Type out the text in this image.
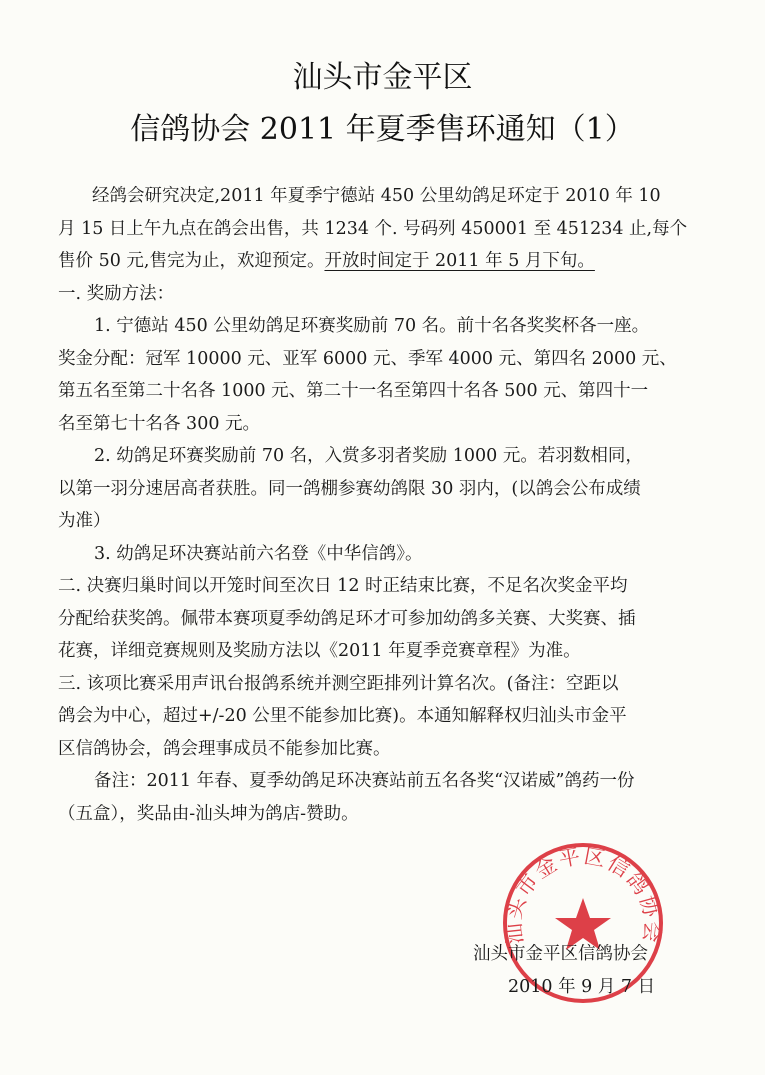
汕头市金平区
信鸽协会 2011 年夏季售环通知（1）
经鸽会研究决定,2011 年夏季宁德站 450 公里幼鸽足环定于 2010 年 10
月 15 日上午九点在鸽会出售，共 1234 个. 号码列 450001 至 451234 止,每个
售价 50 元,售完为止，欢迎预定。开放时间定于 2011 年 5 月下旬。
一. 奖励方法：
1. 宁德站 450 公里幼鸽足环赛奖励前 70 名。前十名各奖奖杯各一座。
奖金分配：冠军 10000 元、亚军 6000 元、季军 4000 元、第四名 2000 元、
第五名至第二十名各 1000 元、第二十一名至第四十名各 500 元、第四十一
名至第七十名各 300 元。
2. 幼鸽足环赛奖励前 70 名，入赏多羽者奖励 1000 元。若羽数相同，
以第一羽分速居高者获胜。同一鸽棚参赛幼鸽限 30 羽内，(以鸽会公布成绩
为准）
3. 幼鸽足环决赛站前六名登《中华信鸽》。
二. 决赛归巢时间以开笼时间至次日 12 时正结束比赛，不足名次奖金平均
分配给获奖鸽。佩带本赛项夏季幼鸽足环才可参加幼鸽多关赛、大奖赛、插
花赛，详细竞赛规则及奖励方法以《2011 年夏季竞赛章程》为准。
三. 该项比赛采用声讯台报鸽系统并测空距排列计算名次。(备注：空距以
鸽会为中心，超过+/-20 公里不能参加比赛)。本通知解释权归汕头市金平
区信鸽协会，鸽会理事成员不能参加比赛。
备注：2011 年春、夏季幼鸽足环决赛站前五名各奖“汉诺威”鸽药一份
（五盒），奖品由-汕头坤为鸽店-赞助。
汕头市金平区信鸽协会
汕头市金平区信鸽协会
2010 年 9 月 7 日
